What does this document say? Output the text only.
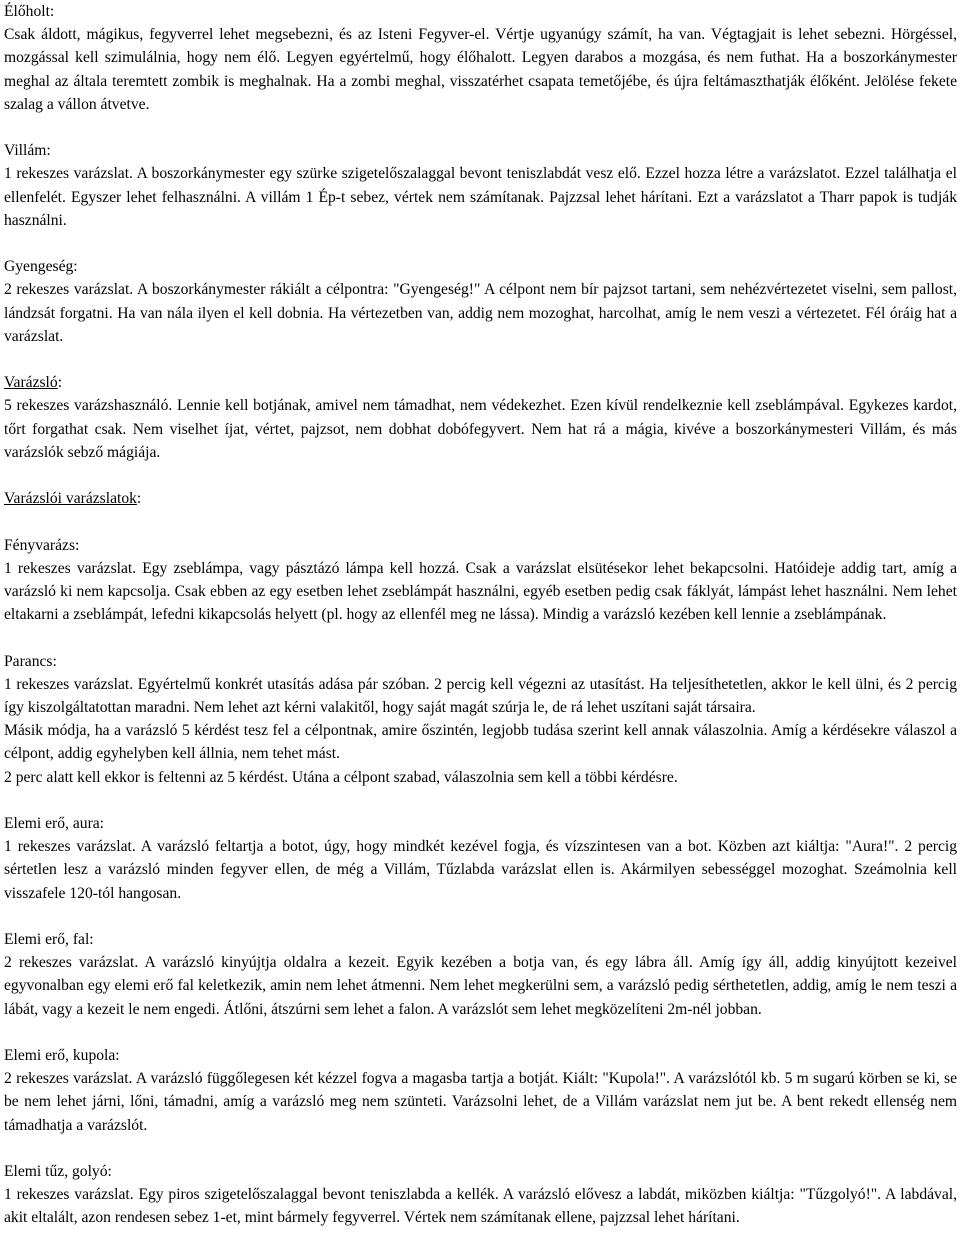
Élőholt:
Csak áldott, mágikus, fegyverrel lehet megsebezni, és az Isteni Fegyver-el. Vértje ugyanúgy számít, ha van. Végtagjait is lehet sebezni. Hörgéssel, mozgással kell szimulálnia, hogy nem élő. Legyen egyértelmű, hogy élőhalott. Legyen darabos a mozgása, és nem futhat. Ha a boszorkánymester meghal az általa teremtett zombik is meghalnak. Ha a zombi meghal, visszatérhet csapata temetőjébe, és újra feltámaszthatják élőként. Jelölése fekete szalag a vállon átvetve.
Villám:
1 rekeszes varázslat. A boszorkánymester egy szürke szigetelőszalaggal bevont teniszlabdát vesz elő. Ezzel hozza létre a varázslatot. Ezzel találhatja el ellenfelét. Egyszer lehet felhasználni. A villám 1 Ép-t sebez, vértek nem számítanak. Pajzzsal lehet hárítani. Ezt a varázslatot a Tharr papok is tudják használni.
Gyengeség:
2 rekeszes varázslat. A boszorkánymester rákiált a célpontra: "Gyengeség!" A célpont nem bír pajzsot tartani, sem nehézvértezetet viselni, sem pallost, lándzsát forgatni. Ha van nála ilyen el kell dobnia. Ha vértezetben van, addig nem mozoghat, harcolhat, amíg le nem veszi a vértezetet. Fél óráig hat a varázslat.
Varázsló:
5 rekeszes varázshasználó. Lennie kell botjának, amivel nem támadhat, nem védekezhet. Ezen kívül rendelkeznie kell zseblámpával. Egykezes kardot, tőrt forgathat csak. Nem viselhet íjat, vértet, pajzsot, nem dobhat dobófegyvert. Nem hat rá a mágia, kivéve a boszorkánymesteri Villám, és más varázslók sebző mágiája.
Varázslói varázslatok:
Fényvarázs:
1 rekeszes varázslat. Egy zseblámpa, vagy pásztázó lámpa kell hozzá. Csak a varázslat elsütésekor lehet bekapcsolni. Hatóideje addig tart, amíg a varázsló ki nem kapcsolja. Csak ebben az egy esetben lehet zseblámpát használni, egyéb esetben pedig csak fáklyát, lámpást lehet használni. Nem lehet eltakarni a zseblámpát, lefedni kikapcsolás helyett (pl. hogy az ellenfél meg ne lássa). Mindig a varázsló kezében kell lennie a zseblámpának.
Parancs:
1 rekeszes varázslat. Egyértelmű konkrét utasítás adása pár szóban. 2 percig kell végezni az utasítást. Ha teljesíthetetlen, akkor le kell ülni, és 2 percig így kiszolgáltatottan maradni. Nem lehet azt kérni valakitől, hogy saját magát szúrja le, de rá lehet uszítani saját társaira.
Másik módja, ha a varázsló 5 kérdést tesz fel a célpontnak, amire őszintén, legjobb tudása szerint kell annak válaszolnia. Amíg a kérdésekre válaszol a célpont, addig egyhelyben kell állnia, nem tehet mást.
2 perc alatt kell ekkor is feltenni az 5 kérdést. Utána a célpont szabad, válaszolnia sem kell a többi kérdésre.
Elemi erő, aura:
1 rekeszes varázslat. A varázsló feltartja a botot, úgy, hogy mindkét kezével fogja, és vízszintesen van a bot. Közben azt kiáltja: "Aura!". 2 percig sértetlen lesz a varázsló minden fegyver ellen, de még a Villám, Tűzlabda varázslat ellen is. Akármilyen sebességgel mozoghat. Szeámolnia kell visszafele 120-tól hangosan.
Elemi erő, fal:
2 rekeszes varázslat. A varázsló kinyújtja oldalra a kezeit. Egyik kezében a botja van, és egy lábra áll. Amíg így áll, addig kinyújtott kezeivel egyvonalban egy elemi erő fal keletkezik, amin nem lehet átmenni. Nem lehet megkerülni sem, a varázsló pedig sérthetetlen, addig, amíg le nem teszi a lábát, vagy a kezeit le nem engedi. Átlőni, átszúrni sem lehet a falon. A varázslót sem lehet megközelíteni 2m-nél jobban.
Elemi erő, kupola:
2 rekeszes varázslat. A varázsló függőlegesen két kézzel fogva a magasba tartja a botját. Kiált: "Kupola!". A varázslótól kb. 5 m sugarú körben se ki, se be nem lehet járni, lőni, támadni, amíg a varázsló meg nem szünteti. Varázsolni lehet, de a Villám varázslat nem jut be. A bent rekedt ellenség nem támadhatja a varázslót.
Elemi tűz, golyó:
1 rekeszes varázslat. Egy piros szigetelőszalaggal bevont teniszlabda a kellék. A varázsló elővesz a labdát, miközben kiáltja: "Tűzgolyó!". A labdával, akit eltalált, azon rendesen sebez 1-et, mint bármely fegyverrel. Vértek nem számítanak ellene, pajzzsal lehet hárítani.
